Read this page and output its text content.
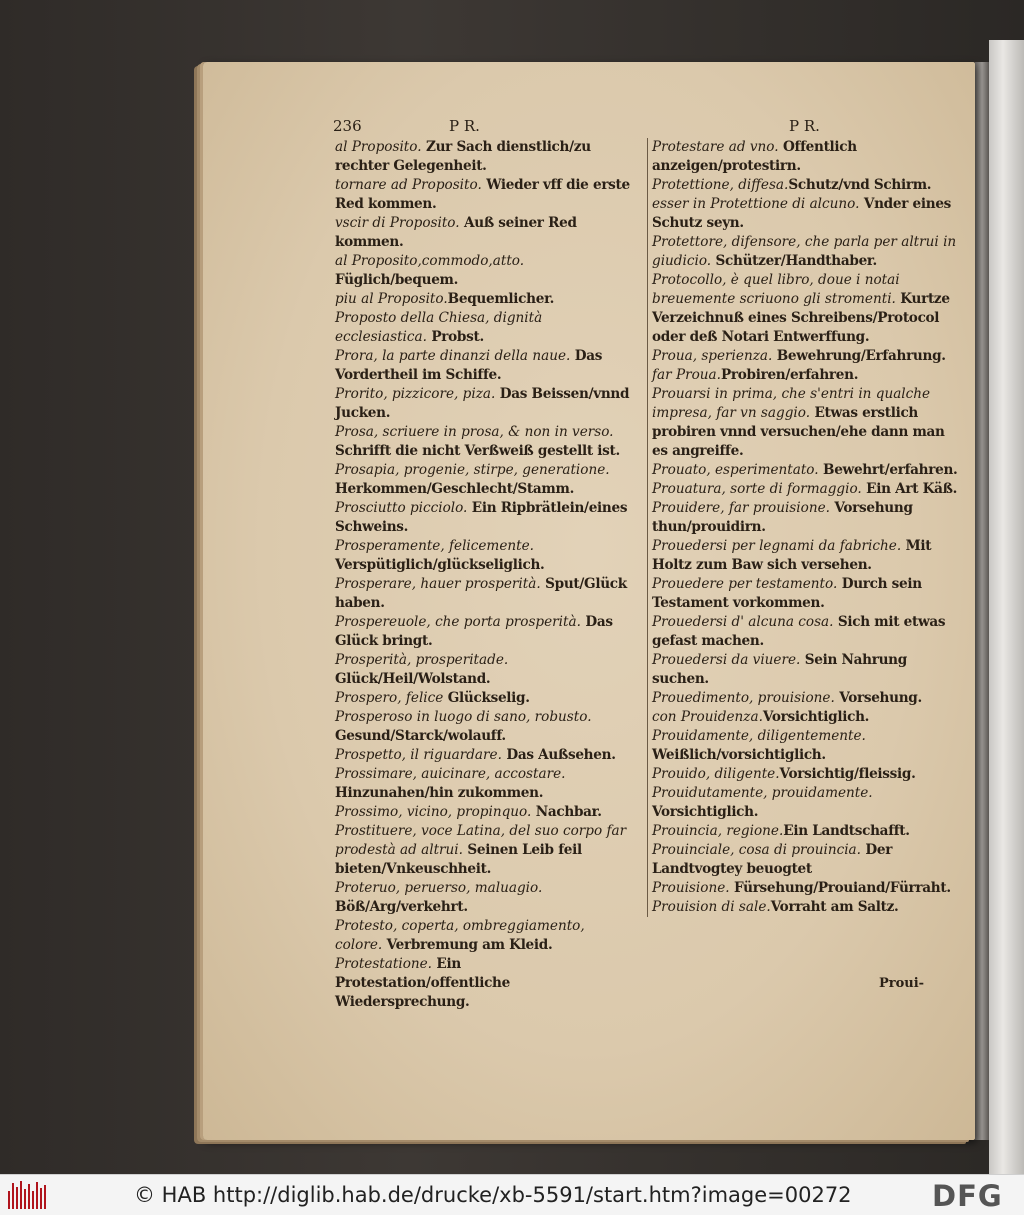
236	P R.	P R.
al Proposito. Zur Sach dienstlich/zu rechter Gelegenheit.
tornare ad Proposito. Wieder vff die erste Red kommen.
vscir di Proposito. Auß seiner Red kommen.
al Proposito,commodo,atto. Füglich/bequem.
piu al Proposito.Bequemlicher.
Proposto della Chiesa, dignità ecclesiastica. Probst.
Prora, la parte dinanzi della naue. Das Vordertheil im Schiffe.
Prorito, pizzicore, piza. Das Beissen/vnnd Jucken.
Prosa, scriuere in prosa, & non in verso. Schrifft die nicht Verßweiß gestellt ist.
Prosapia, progenie, stirpe, generatione. Herkommen/Geschlecht/Stamm.
Prosciutto picciolo. Ein Ripbrätlein/eines Schweins.
Prosperamente, felicemente. Verspütiglich/glückseliglich.
Prosperare, hauer prosperità. Sput/Glück haben.
Prospereuole, che porta prosperità. Das Glück bringt.
Prosperità, prosperitade. Glück/Heil/Wolstand.
Prospero, felice Glückselig.
Prosperoso in luogo di sano, robusto. Gesund/Starck/wolauff.
Prospetto, il riguardare. Das Außsehen.
Prossimare, auicinare, accostare. Hinzunahen/hin zukommen.
Prossimo, vicino, propinquo. Nachbar.
Prostituere, voce Latina, del suo corpo far prodestà ad altrui. Seinen Leib feil bieten/Vnkeuschheit.
Proteruo, peruerso, maluagio. Böß/Arg/verkehrt.
Protesto, coperta, ombreggiamento, colore. Verbremung am Kleid.
Protestatione. Ein Protestation/offentliche Wiedersprechung.
Protestare ad vno. Offentlich anzeigen/protestirn.
Protettione, diffesa.Schutz/vnd Schirm.
esser in Protettione di alcuno. Vnder eines Schutz seyn.
Protettore, difensore, che parla per altrui in giudicio. Schützer/Handthaber.
Protocollo, è quel libro, doue i notai breuemente scriuono gli stromenti. Kurtze Verzeichnuß eines Schreibens/Protocol oder deß Notari Entwerffung.
Proua, sperienza. Bewehrung/Erfahrung.
far Proua.Probiren/erfahren.
Prouarsi in prima, che s'entri in qualche impresa, far vn saggio. Etwas erstlich probiren vnnd versuchen/ehe dann man es angreiffe.
Prouato, esperimentato. Bewehrt/erfahren.
Prouatura, sorte di formaggio. Ein Art Käß.
Prouidere, far prouisione. Vorsehung thun/prouidirn.
Prouedersi per legnami da fabriche. Mit Holtz zum Baw sich versehen.
Prouedere per testamento. Durch sein Testament vorkommen.
Prouedersi d' alcuna cosa. Sich mit etwas gefast machen.
Prouedersi da viuere. Sein Nahrung suchen.
Prouedimento, prouisione. Vorsehung.
con Prouidenza.Vorsichtiglich.
Prouidamente, diligentemente. Weißlich/vorsichtiglich.
Prouido, diligente.Vorsichtig/fleissig.
Prouidutamente, prouidamente. Vorsichtiglich.
Prouincia, regione.Ein Landtschafft.
Prouinciale, cosa di prouincia. Der Landtvogtey beuogtet
Prouisione. Fürsehung/Prouiand/Fürraht.
Prouision di sale.Vorraht am Saltz.
Proui-
© HAB http://diglib.hab.de/drucke/xb-5591/start.htm?image=00272	DFG
